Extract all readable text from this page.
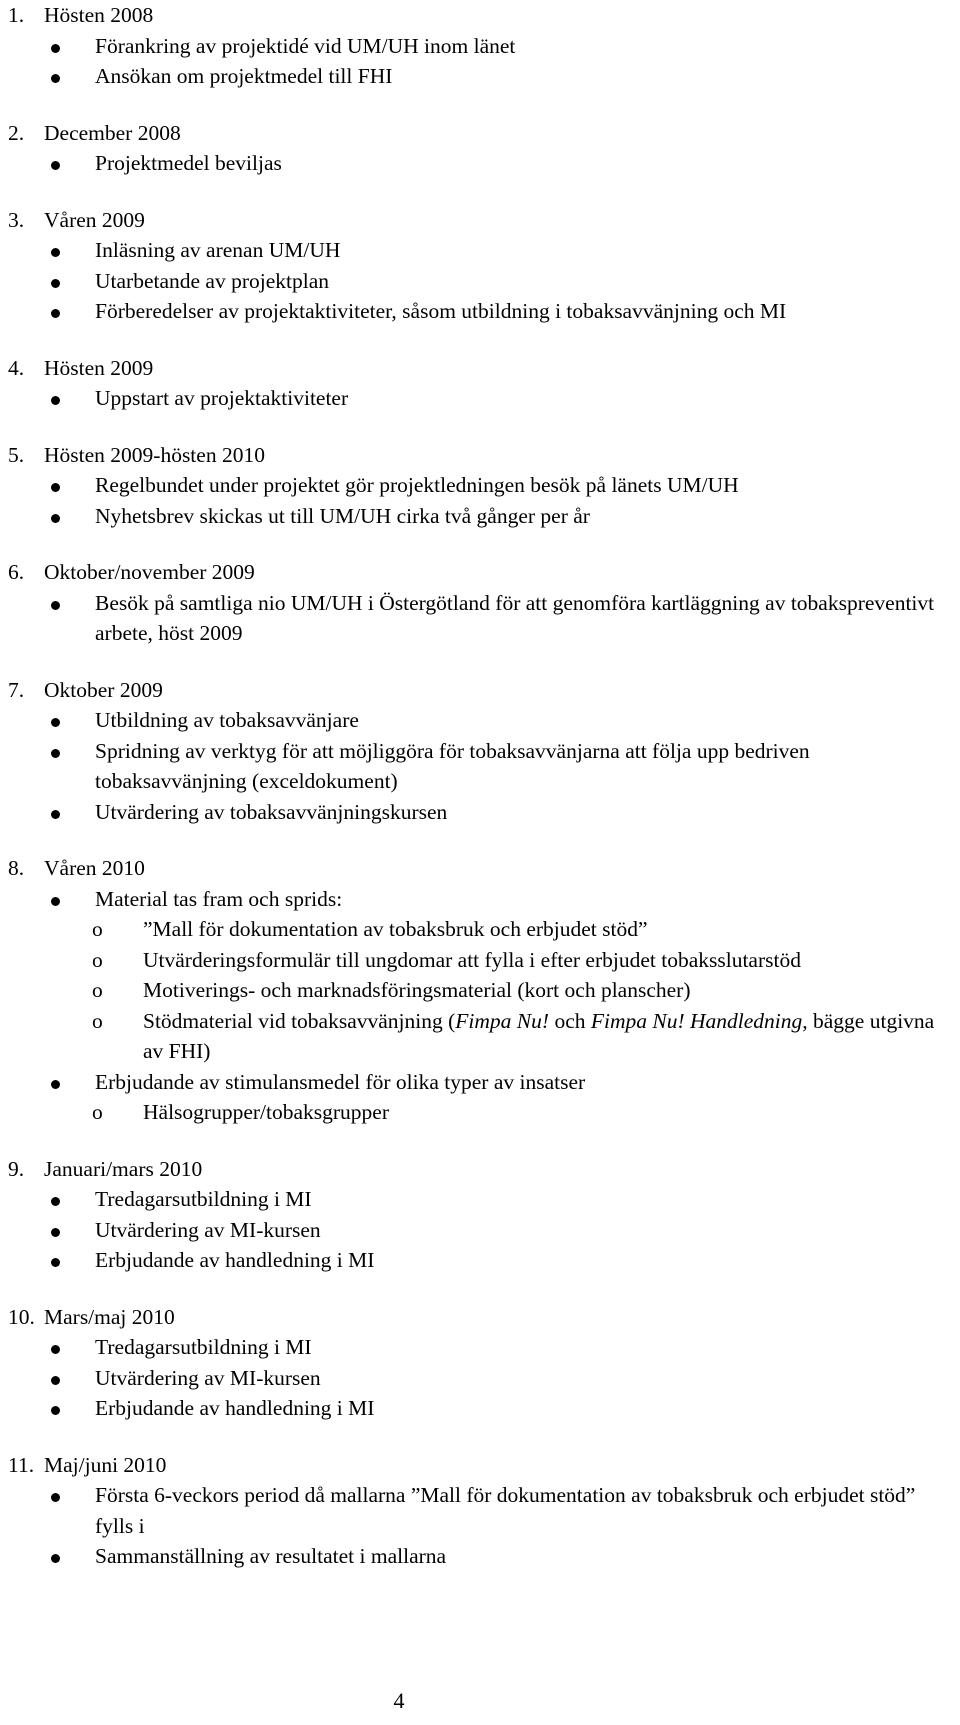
1. Hösten 2008
Förankring av projektidé vid UM/UH inom länet
Ansökan om projektmedel till FHI
2. December 2008
Projektmedel beviljas
3. Våren 2009
Inläsning av arenan UM/UH
Utarbetande av projektplan
Förberedelser av projektaktiviteter, såsom utbildning i tobaksavvänjning och MI
4. Hösten 2009
Uppstart av projektaktiviteter
5. Hösten 2009-hösten 2010
Regelbundet under projektet gör projektledningen besök på länets UM/UH
Nyhetsbrev skickas ut till UM/UH cirka två gånger per år
6. Oktober/november 2009
Besök på samtliga nio UM/UH i Östergötland för att genomföra kartläggning av tobakspreventivt arbete, höst 2009
7. Oktober 2009
Utbildning av tobaksavvänjare
Spridning av verktyg för att möjliggöra för tobaksavvänjarna att följa upp bedriven tobaksavvänjning (exceldokument)
Utvärdering av tobaksavvänjningskursen
8. Våren 2010
Material tas fram och sprids:
o ”Mall för dokumentation av tobaksbruk och erbjudet stöd”
o Utvärderingsformulär till ungdomar att fylla i efter erbjudet tobaksslutarstöd
o Motiverings- och marknadsföringsmaterial (kort och planscher)
o Stödmaterial vid tobaksavvänjning (Fimpa Nu! och Fimpa Nu! Handledning, bägge utgivna av FHI)
Erbjudande av stimulansmedel för olika typer av insatser
o Hälsogrupper/tobaksgrupper
9. Januari/mars 2010
Tredagarsutbildning i MI
Utvärdering av MI-kursen
Erbjudande av handledning i MI
10. Mars/maj 2010
Tredagarsutbildning i MI
Utvärdering av MI-kursen
Erbjudande av handledning i MI
11. Maj/juni 2010
Första 6-veckors period då mallarna ”Mall för dokumentation av tobaksbruk och erbjudet stöd” fylls i
Sammanställning av resultatet i mallarna
4
